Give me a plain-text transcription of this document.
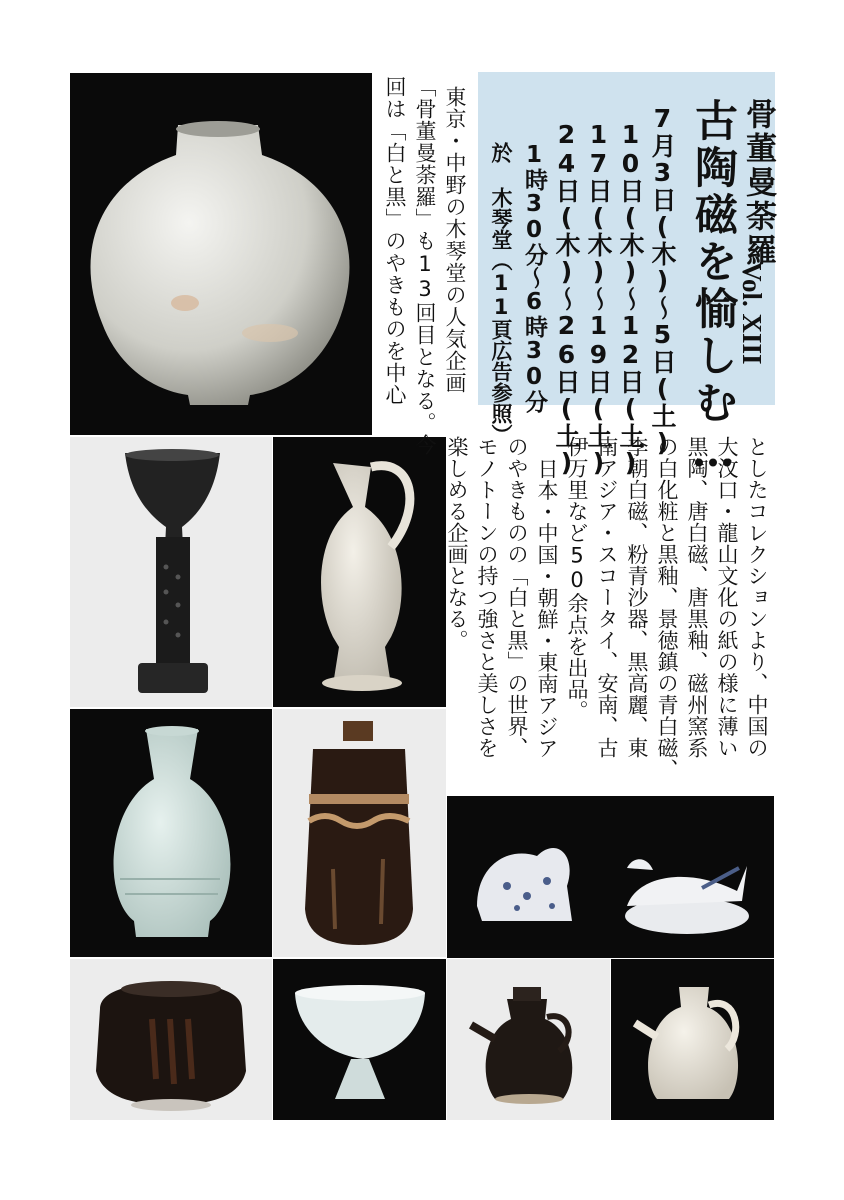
骨董曼荼羅
Vol. XIII
古陶磁を愉しむ…
7月3日(木)〜5日(土)
10日(木)〜12日(土)
17日(木)〜19日(土)
24日(木)〜26日(土)
1時30分〜6時30分
於 木琴堂（11頁広告参照）
東京・中野の木琴堂の人気企画
「骨董曼荼羅」も13回目となる。今
回は「白と黒」のやきものを中心
としたコレクションより、中国の
大汶口・龍山文化の紙の様に薄い
黒陶、唐白磁、唐黒釉、磁州窯系
の白化粧と黒釉、景徳鎮の青白磁、
李朝白磁、粉青沙器、黒高麗、東
南アジア・スコータイ、安南、古
伊万里など50余点を出品。
日本・中国・朝鮮・東南アジア
のやきものの「白と黒」の世界、
モノトーンの持つ強さと美しさを
楽しめる企画となる。
